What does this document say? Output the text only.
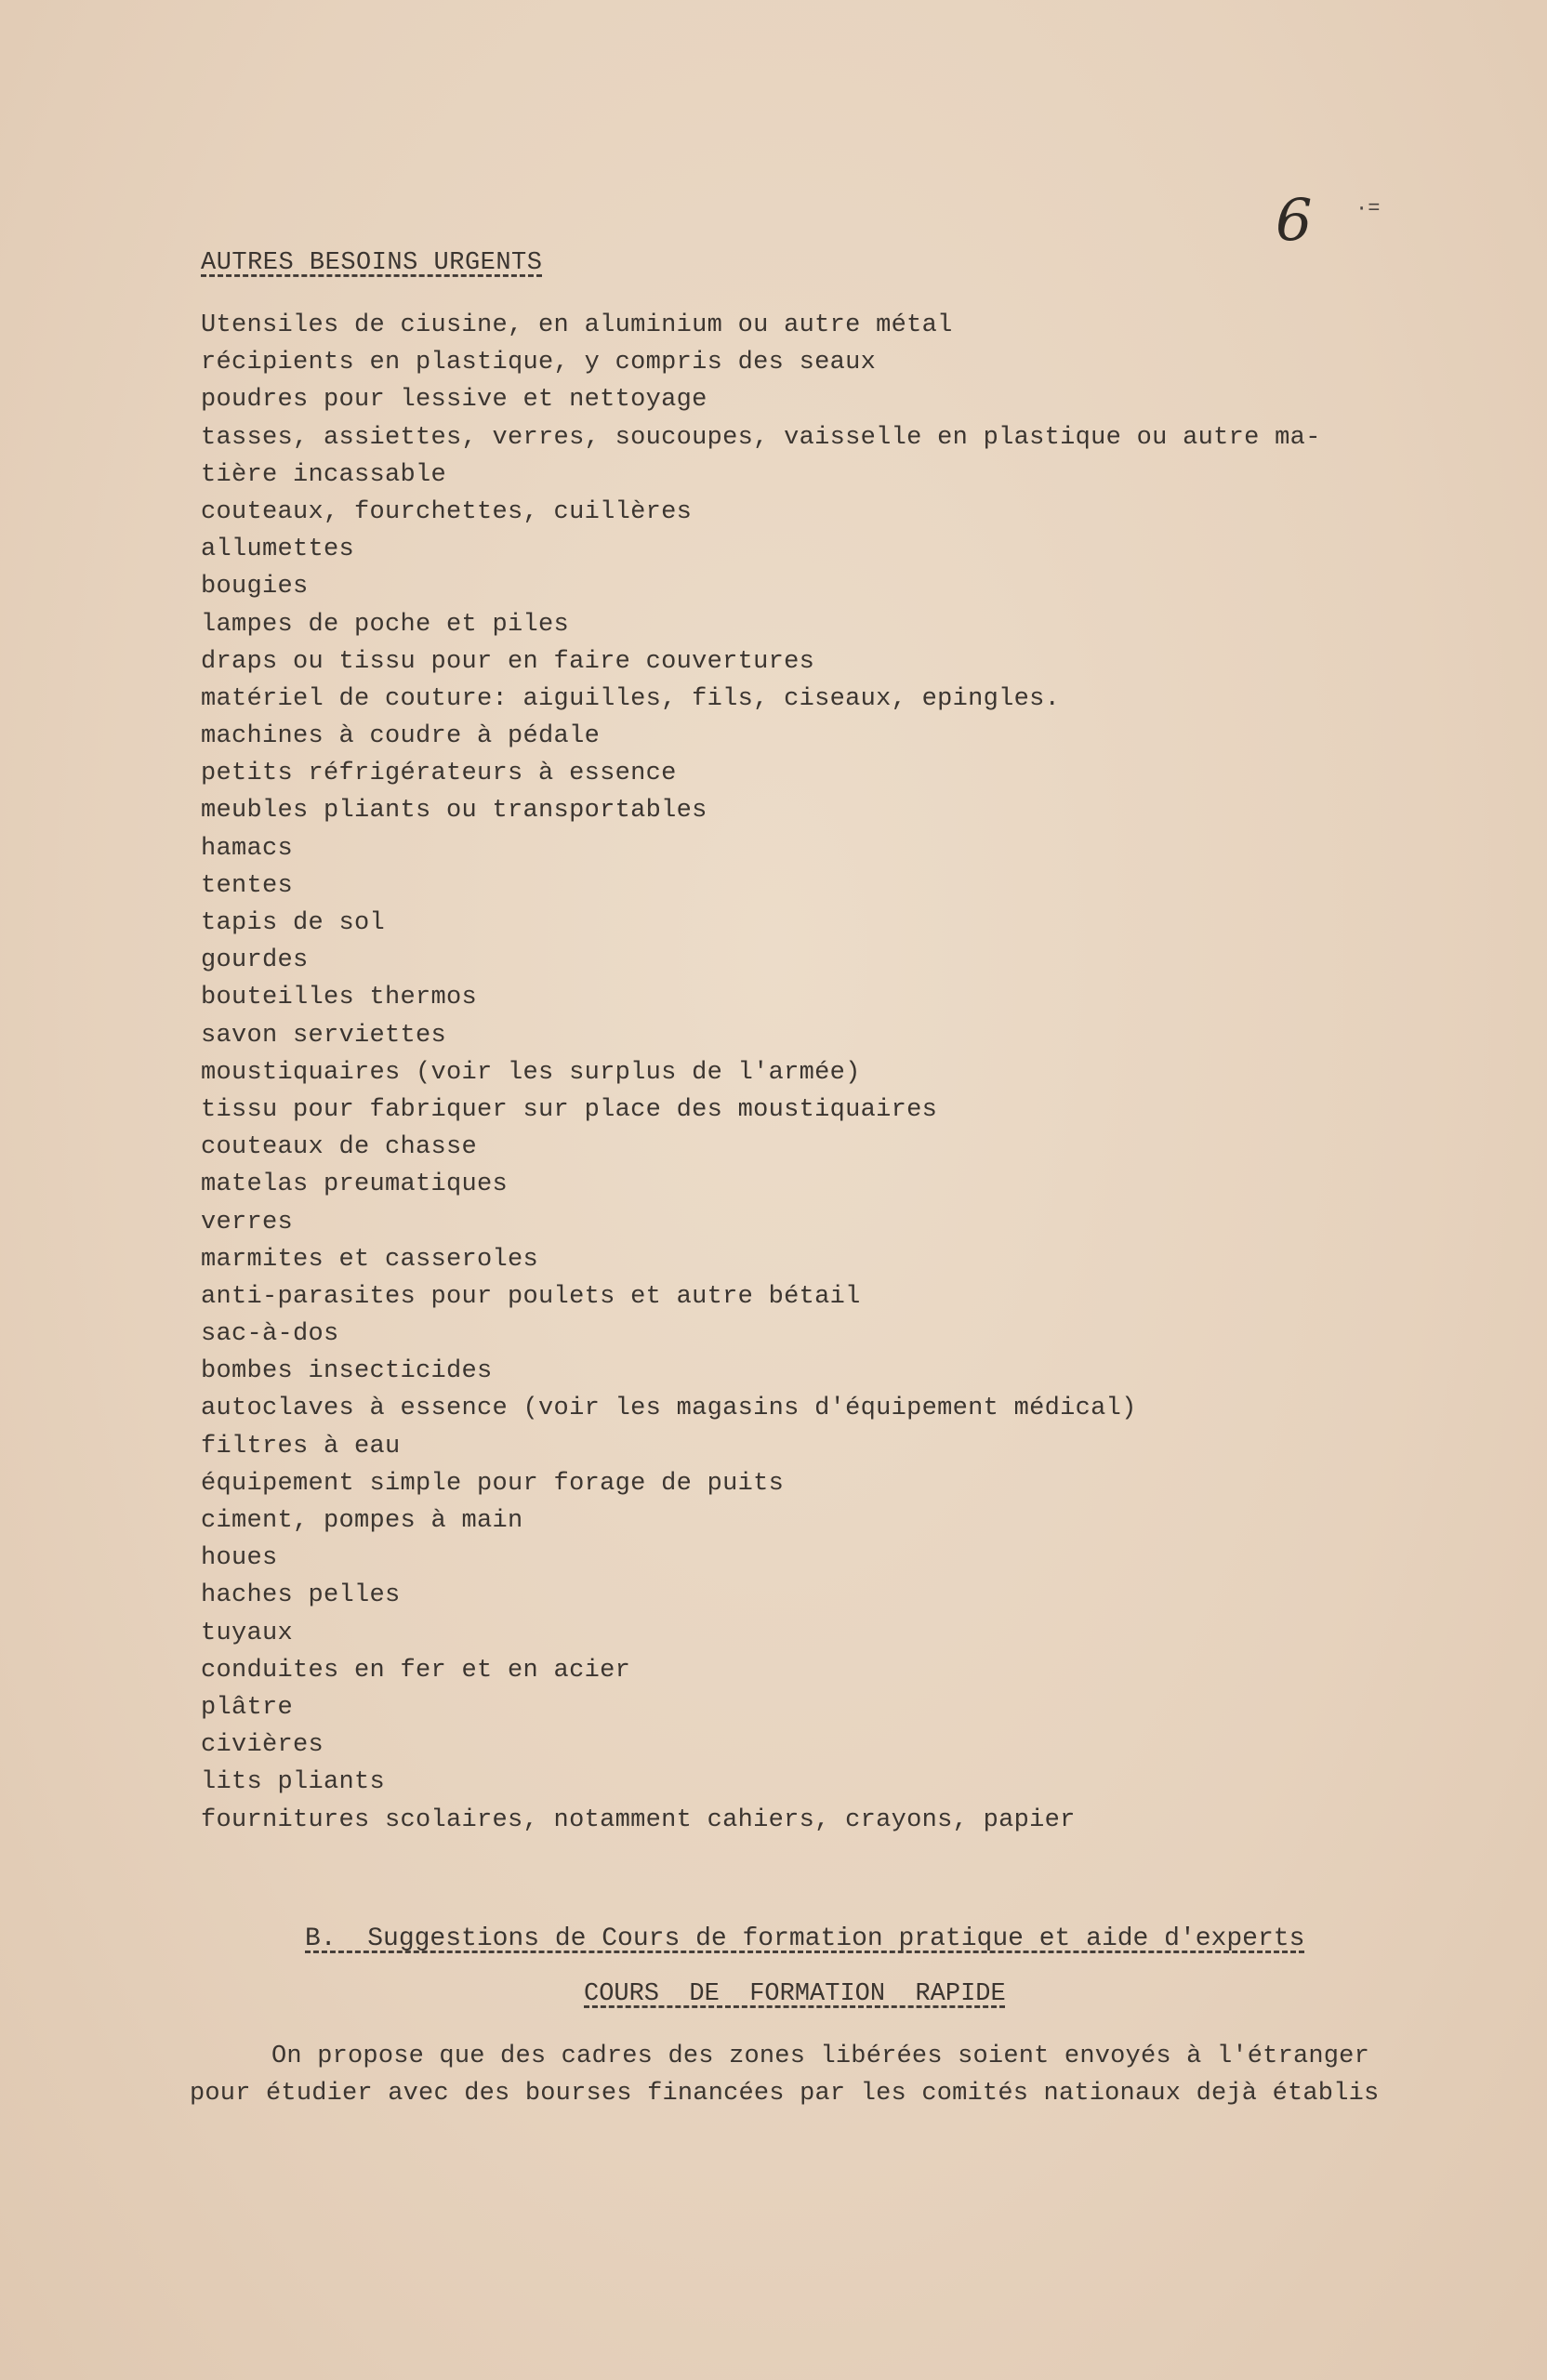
6 ·=
AUTRES BESOINS URGENTS
Utensiles de ciusine, en aluminium ou autre métal
récipients en plastique, y compris des seaux
poudres pour lessive et nettoyage
tasses, assiettes, verres, soucoupes, vaisselle en plastique ou autre ma-
tière incassable
couteaux, fourchettes, cuillères
allumettes
bougies
lampes de poche et piles
draps ou tissu pour en faire couvertures
matériel de couture: aiguilles, fils, ciseaux, epingles.
machines à coudre à pédale
petits réfrigérateurs à essence
meubles pliants ou transportables
hamacs
tentes
tapis de sol
gourdes
bouteilles thermos
savon serviettes
moustiquaires (voir les surplus de l'armée)
tissu pour fabriquer sur place des moustiquaires
couteaux de chasse
matelas preumatiques
verres
marmites et casseroles
anti-parasites pour poulets et autre bétail
sac-à-dos
bombes insecticides
autoclaves à essence (voir les magasins d'équipement médical)
filtres à eau
équipement simple pour forage de puits
ciment, pompes à main
houes
haches pelles
tuyaux
conduites en fer et en acier
plâtre
civières
lits pliants
fournitures scolaires, notamment cahiers, crayons, papier
B.  Suggestions de Cours de formation pratique et aide d'experts
COURS  DE  FORMATION  RAPIDE
On propose que des cadres des zones libérées soient envoyés à l'étranger
pour étudier avec des bourses financées par les comités nationaux dejà établis
